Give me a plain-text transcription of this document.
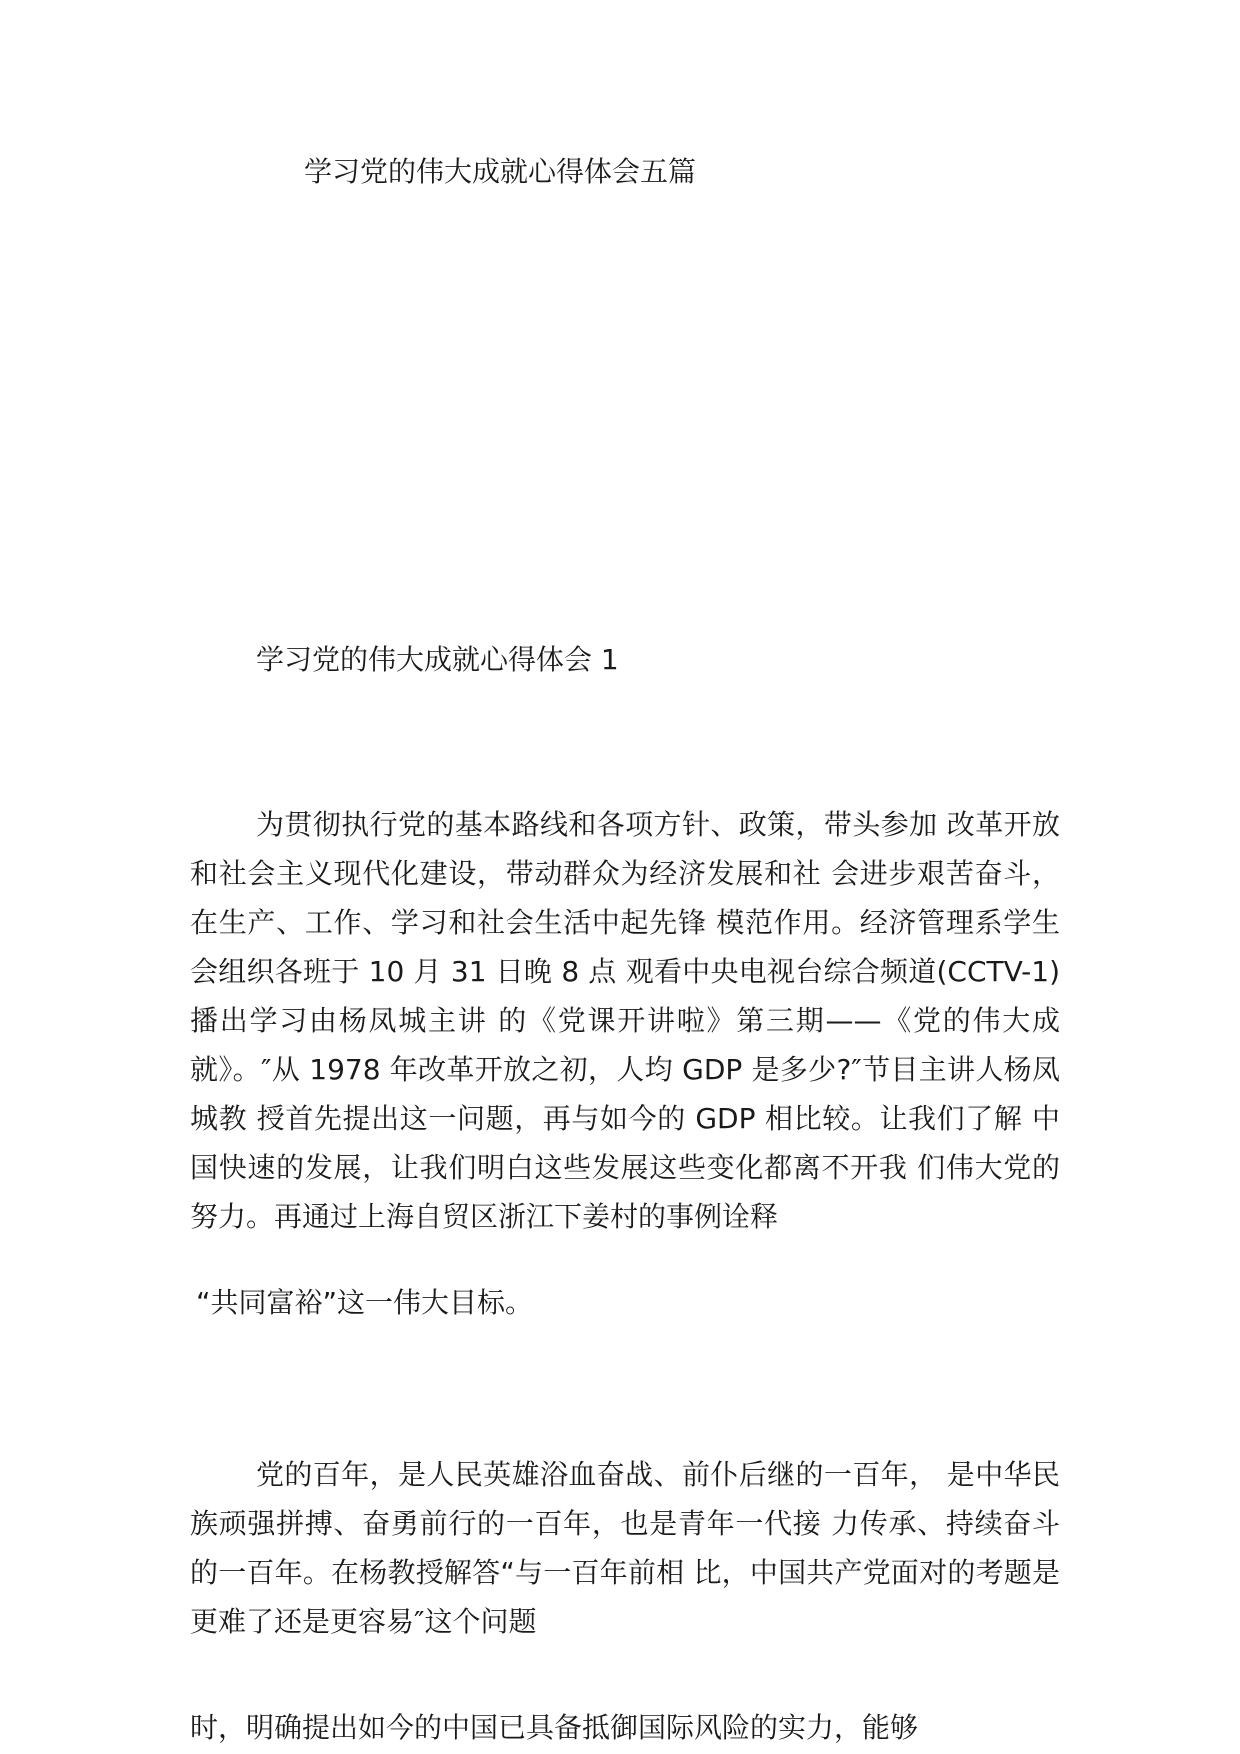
学习党的伟大成就心得体会五篇
学习党的伟大成就心得体会 1

为贯彻执行党的基本路线和各项方针、政策，带头参加 改革开放和社会主义现代化建设，带动群众为经济发展和社 会进步艰苦奋斗，在生产、工作、学习和社会生活中起先锋 模范作用。经济管理系学生会组织各班于 10 月 31 日晚 8 点 观看中央电视台综合频道(CCTV-1) 播出学习由杨凤城主讲 的《党课开讲啦》第三期——《党的伟大成就》。″从 1978 年改革开放之初，人均 GDP 是多少?″节目主讲人杨凤城教 授首先提出这一问题，再与如今的 GDP 相比较。让我们了解 中国快速的发展，让我们明白这些发展这些变化都离不开我 们伟大党的努力。再通过上海自贸区浙江下姜村的事例诠释

“共同富裕”这一伟大目标。

党的百年，是人民英雄浴血奋战、前仆后继的一百年， 是中华民族顽强拼搏、奋勇前行的一百年，也是青年一代接 力传承、持续奋斗的一百年。在杨教授解答“与一百年前相 比，中国共产党面对的考题是更难了还是更容易″这个问题

时，明确提出如今的中国已具备抵御国际风险的实力，能够
